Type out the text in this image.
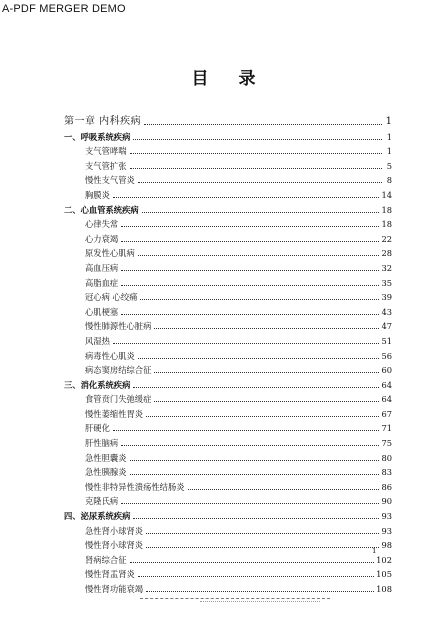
A-PDF MERGER DEMO
目 录
第一章 内科疾病	1
一、呼吸系统疾病	1
支气管哮喘	1
支气管扩张	5
慢性支气管炎	8
胸膜炎	14
二、心血管系统疾病	18
心律失常	18
心力衰竭	22
原发性心肌病	28
高血压病	32
高脂血症	35
冠心病 心绞痛	39
心肌梗塞	43
慢性肺源性心脏病	47
风湿热	51
病毒性心肌炎	56
病态窦房结综合征	60
三、消化系统疾病	64
食管贲门失弛缓症	64
慢性萎缩性胃炎	67
肝硬化	71
肝性脑病	75
急性胆囊炎	80
急性胰腺炎	83
慢性非特异性溃疡性结肠炎	86
克隆氏病	90
四、泌尿系统疾病	93
急性肾小球肾炎	93
慢性肾小球肾炎	98
肾病综合征	102
慢性肾盂肾炎	105
慢性肾功能衰竭	108
1
